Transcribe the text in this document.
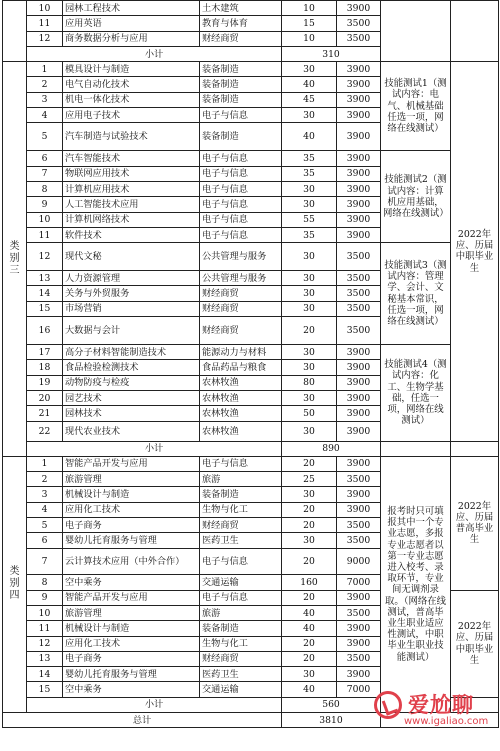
	10	园林工程技术	土木建筑	10	3900		
	11	应用英语	教育与体育	15	3500		
	12	商务数据分析与应用	财经商贸	10	3500		
	小计			310			
类别三	1	模具设计与制造	装备制造	30	3900	技能测试1（测试内容：电气、机械基础任选一项，网络在线测试）	2022年应、历届中职毕业生
	2	电气自动化技术	装备制造	40	3900		
	3	机电一体化技术	装备制造	45	3900		
	4	应用电子技术	电子与信息	30	3900		
	5	汽车制造与试验技术	装备制造	40	3900		
	6	汽车智能技术	电子与信息	35	3900	技能测试2（测试内容：计算机应用基础，网络在线测试）	
	7	物联网应用技术	电子与信息	35	3900		
	8	计算机应用技术	电子与信息	30	3900		
	9	人工智能技术应用	电子与信息	30	3900		
	10	计算机网络技术	电子与信息	55	3900		
	11	软件技术	电子与信息	35	3900		
	12	现代文秘	公共管理与服务	30	3500	技能测试3（测试内容：管理学、会计、文秘基本常识，任选一项，网络在线测试）	
	13	人力资源管理	公共管理与服务	30	3500		
	14	关务与外贸服务	财经商贸	30	3500		
	15	市场营销	财经商贸	30	3500		
	16	大数据与会计	财经商贸	20	3500		
	17	高分子材料智能制造技术	能源动力与材料	30	3900	技能测试4（测试内容：化工、生物学基础，任选一项，网络在线测试）	
	18	食品检验检测技术	食品药品与粮食	30	3900		
	19	动物防疫与检疫	农林牧渔	80	3900		
	20	园艺技术	农林牧渔	30	3900		
	21	园林技术	农林牧渔	50	3900		
	22	现代农业技术	农林牧渔	30	3900		
	小计			890			
类别四	1	智能产品开发与应用	电子与信息	20	3900	报考时只可填报其中一个专业志愿，多报专业志愿者以第一专业志愿进入校考、录取环节，专业间无调剂录取。（网络在线测试，普高毕业生职业适应性测试，中职毕业生职业技能测试）	2022年应、历届普高毕业生
	2	旅游管理	旅游	25	3500		
	3	机械设计与制造	装备制造	30	3900		
	4	应用化工技术	生物与化工	20	3900		
	5	电子商务	财经商贸	20	3500		
	6	婴幼儿托育服务与管理	医药卫生	30	3500		
	7	云计算技术应用（中外合作）	电子与信息	20	9000		
	8	空中乘务	交通运输	160	7000		
	9	智能产品开发与应用	电子与信息	20	3900		2022年应、历届中职毕业生
	10	旅游管理	旅游	40	3500		
	11	机械设计与制造	装备制造	40	3900		
	12	应用化工技术	生物与化工	20	3900		
	13	电子商务	财经商贸	20	3500		
	14	婴幼儿托育服务与管理	医药卫生	30	3900		
	15	空中乘务	交通运输	40	7000		
	小计			560			
总计				3810			
爱尬聊
www.igaliao.com
